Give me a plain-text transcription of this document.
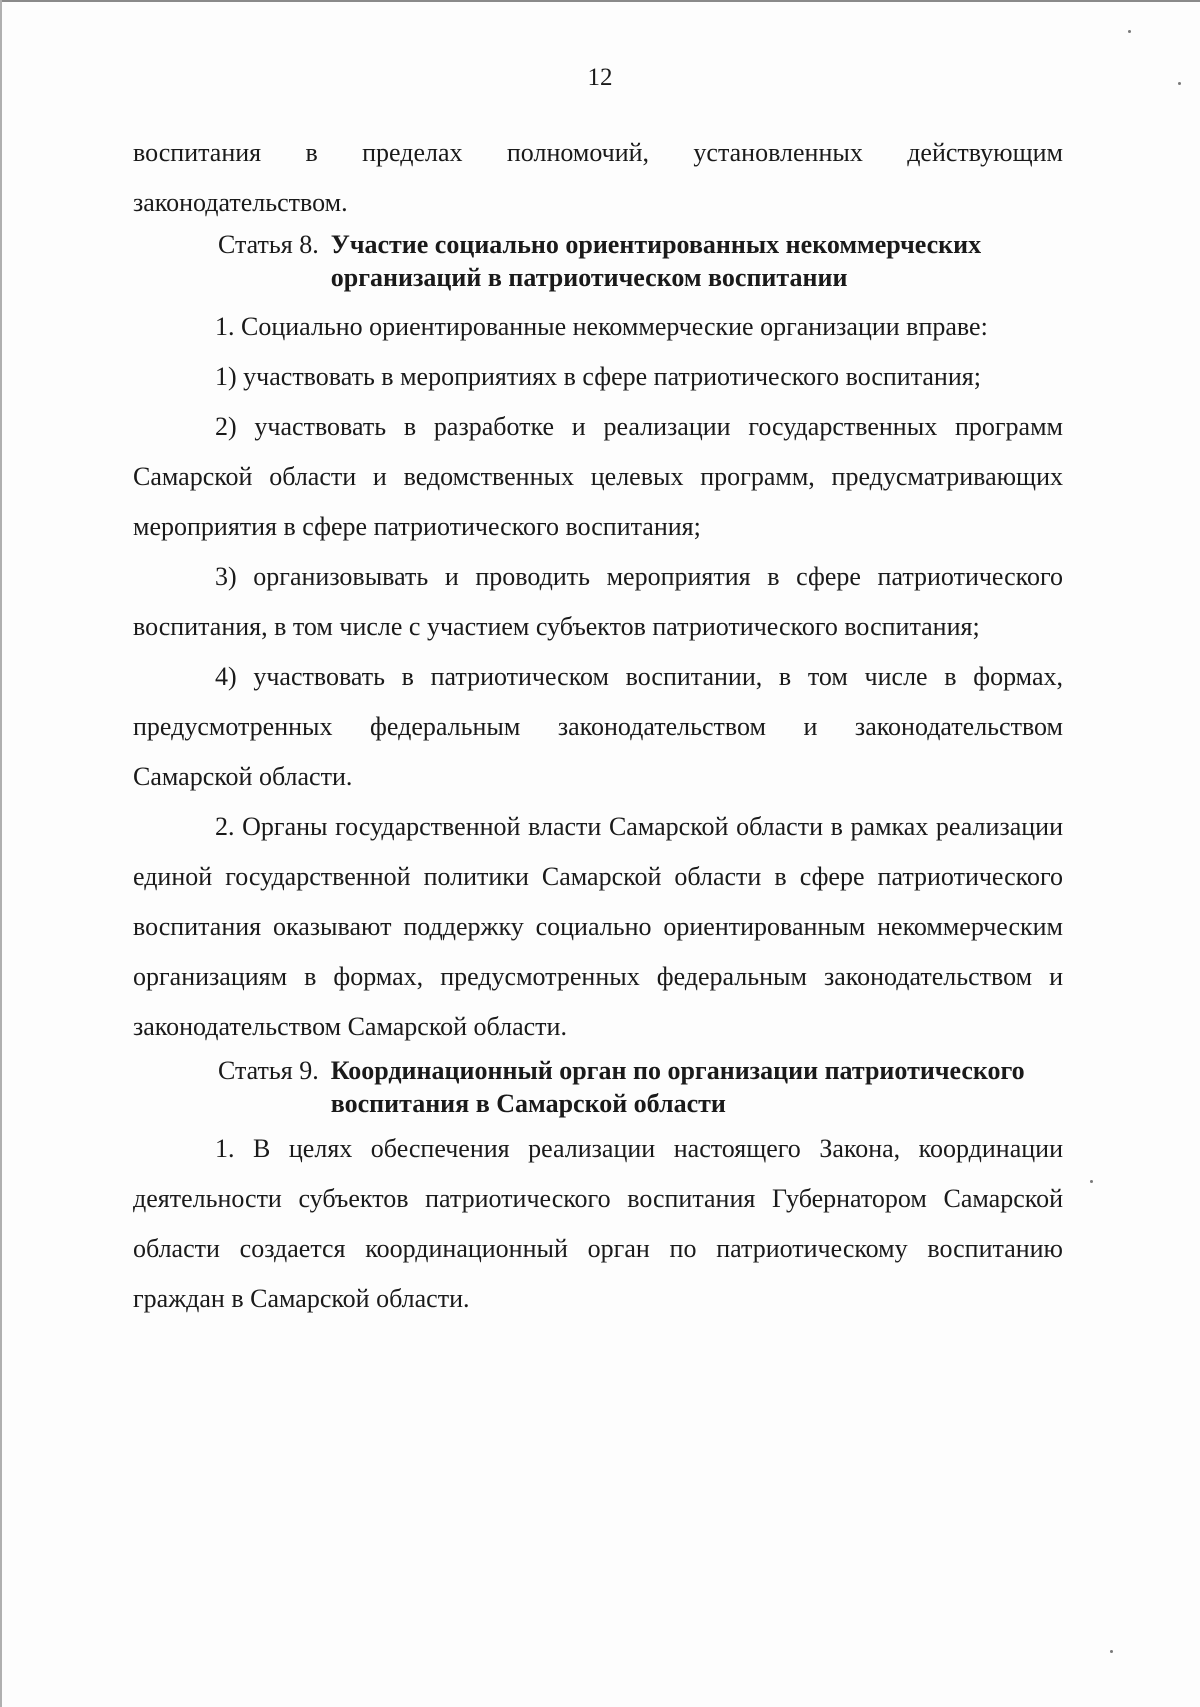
12

воспитания в пределах полномочий, установленных действующим законодательством.

Статья 8. Участие социально ориентированных некоммерческих организаций в патриотическом воспитании

1. Социально ориентированные некоммерческие организации вправе:

1) участвовать в мероприятиях в сфере патриотического воспитания;

2) участвовать в разработке и реализации государственных программ Самарской области и ведомственных целевых программ, предусматривающих мероприятия в сфере патриотического воспитания;

3) организовывать и проводить мероприятия в сфере патриотического воспитания, в том числе с участием субъектов патриотического воспитания;

4) участвовать в патриотическом воспитании, в том числе в формах, предусмотренных федеральным законодательством и законодательством Самарской области.

2. Органы государственной власти Самарской области в рамках реализации единой государственной политики Самарской области в сфере патриотического воспитания оказывают поддержку социально ориентированным некоммерческим организациям в формах, предусмотренных федеральным законодательством и законодательством Самарской области.

Статья 9. Координационный орган по организации патриотического воспитания в Самарской области

1. В целях обеспечения реализации настоящего Закона, координации деятельности субъектов патриотического воспитания Губернатором Самарской области создается координационный орган по патриотическому воспитанию граждан в Самарской области.
